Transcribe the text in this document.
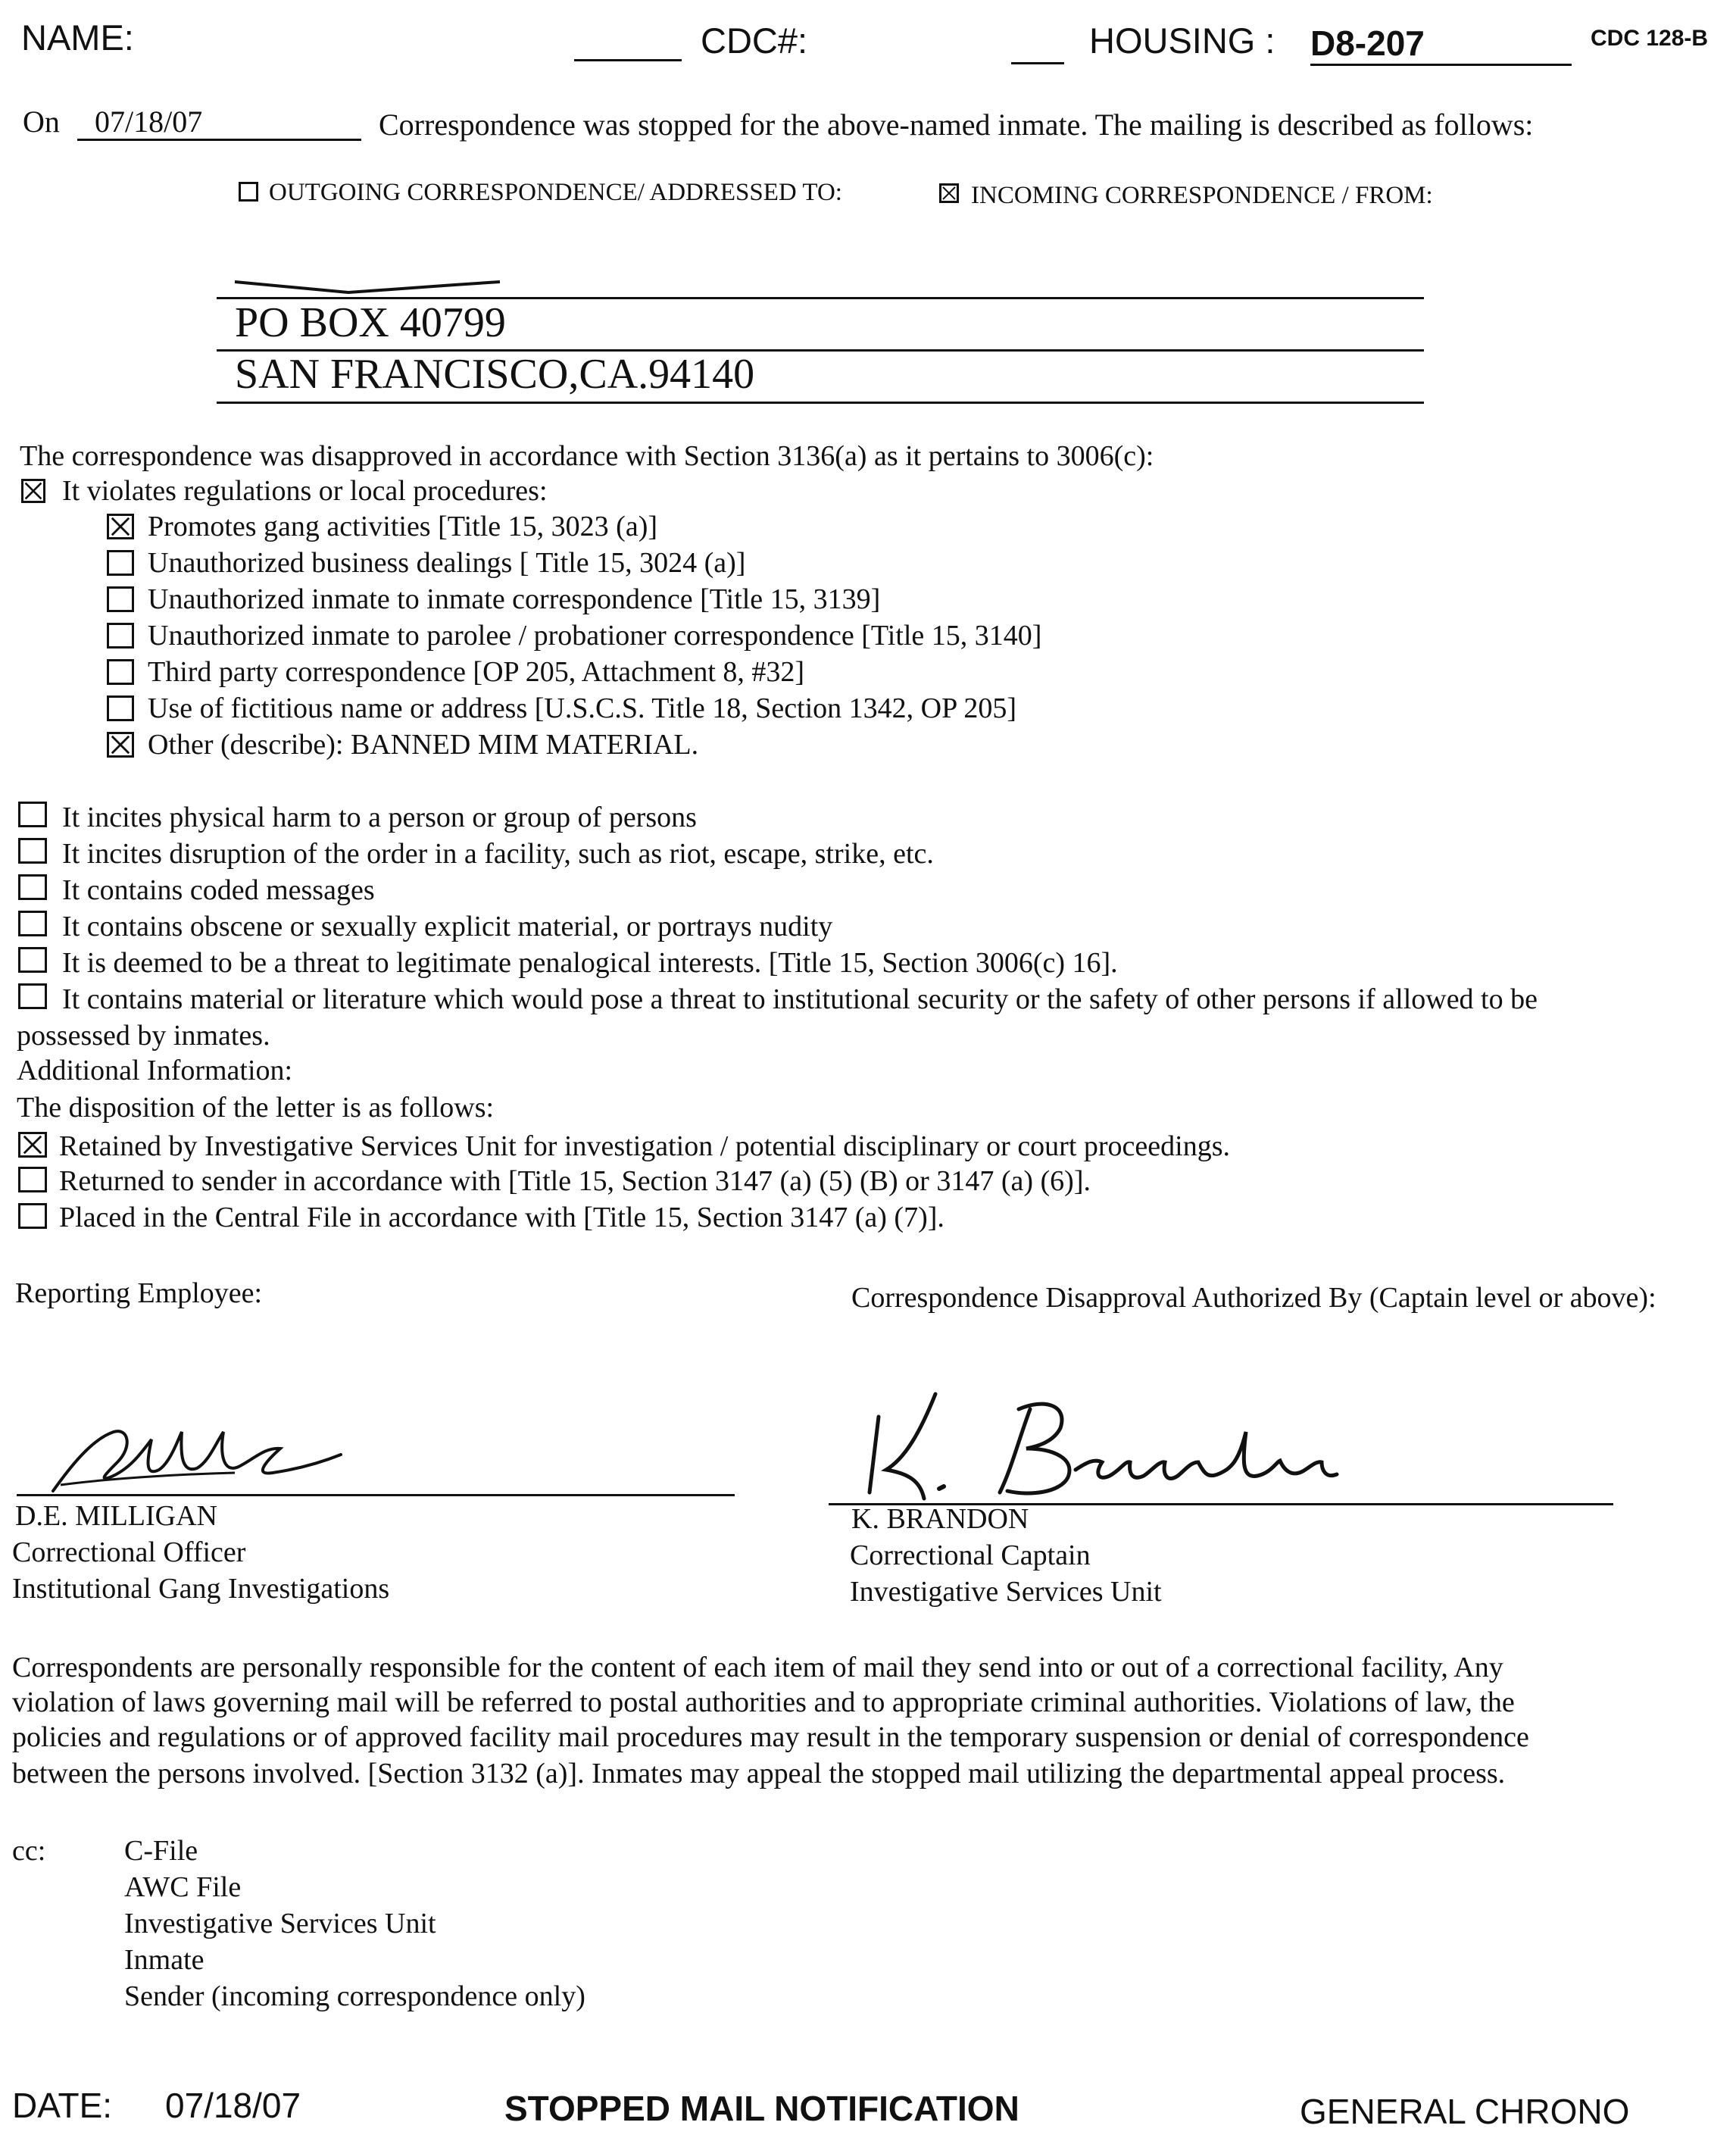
NAME:	CDC#:	HOUSING : D8-207	CDC 128-B
On 07/18/07	Correspondence was stopped for the above-named inmate. The mailing is described as follows:
OUTGOING CORRESPONDENCE/ ADDRESSED TO:	INCOMING CORRESPONDENCE / FROM:
PO BOX 40799
SAN FRANCISCO,CA.94140
The correspondence was disapproved in accordance with Section 3136(a) as it pertains to 3006(c):
It violates regulations or local procedures:
Promotes gang activities [Title 15, 3023 (a)]
Unauthorized business dealings [ Title 15, 3024 (a)]
Unauthorized inmate to inmate correspondence [Title 15, 3139]
Unauthorized inmate to parolee / probationer correspondence [Title 15, 3140]
Third party correspondence [OP 205, Attachment 8, #32]
Use of fictitious name or address [U.S.C.S. Title 18, Section 1342, OP 205]
Other (describe): BANNED MIM MATERIAL.
It incites physical harm to a person or group of persons
It incites disruption of the order in a facility, such as riot, escape, strike, etc.
It contains coded messages
It contains obscene or sexually explicit material, or portrays nudity
It is deemed to be a threat to legitimate penalogical interests. [Title 15, Section 3006(c) 16].
It contains material or literature which would pose a threat to institutional security or the safety of other persons if allowed to be
possessed by inmates.
Additional Information:
The disposition of the letter is as follows:
Retained by Investigative Services Unit for investigation / potential disciplinary or court proceedings.
Returned to sender in accordance with [Title 15, Section 3147 (a) (5) (B) or 3147 (a) (6)].
Placed in the Central File in accordance with [Title 15, Section 3147 (a) (7)].
Reporting Employee:	Correspondence Disapproval Authorized By (Captain level or above):
D.E. MILLIGAN
Correctional Officer
Institutional Gang Investigations
K. BRANDON
Correctional Captain
Investigative Services Unit
Correspondents are personally responsible for the content of each item of mail they send into or out of a correctional facility, Any
violation of laws governing mail will be referred to postal authorities and to appropriate criminal authorities. Violations of law, the
policies and regulations or of approved facility mail procedures may result in the temporary suspension or denial of correspondence
between the persons involved. [Section 3132 (a)]. Inmates may appeal the stopped mail utilizing the departmental appeal process.
cc:	C-File
AWC File
Investigative Services Unit
Inmate
Sender (incoming correspondence only)
DATE: 07/18/07	STOPPED MAIL NOTIFICATION	GENERAL CHRONO
